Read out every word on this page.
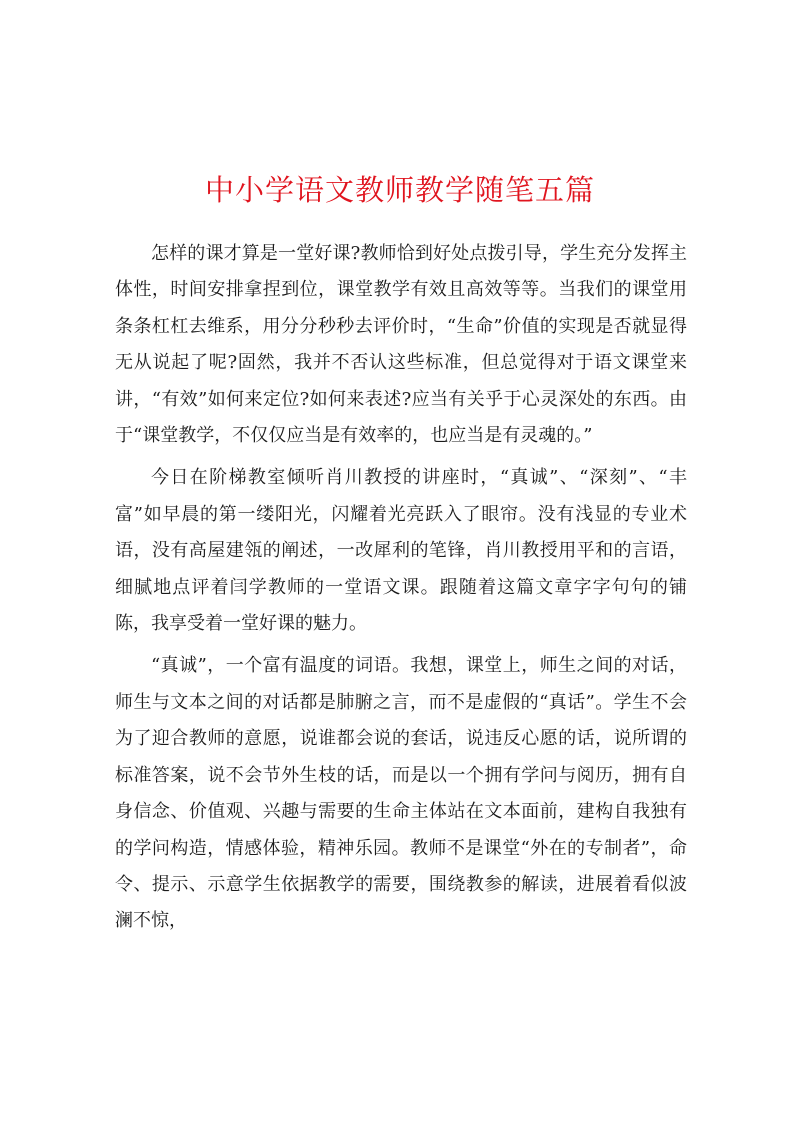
中小学语文教师教学随笔五篇

怎样的课才算是一堂好课?教师恰到好处点拨引导，学生充分发挥主体性，时间安排拿捏到位，课堂教学有效且高效等等。当我们的课堂用条条杠杠去维系，用分分秒秒去评价时，“生命”价值的实现是否就显得无从说起了呢?固然，我并不否认这些标准，但总觉得对于语文课堂来讲，“有效”如何来定位?如何来表述?应当有关乎于心灵深处的东西。由于“课堂教学，不仅仅应当是有效率的，也应当是有灵魂的。”

今日在阶梯教室倾听肖川教授的讲座时，“真诚”、“深刻”、“丰富”如早晨的第一缕阳光，闪耀着光亮跃入了眼帘。没有浅显的专业术语，没有高屋建瓴的阐述，一改犀利的笔锋，肖川教授用平和的言语，细腻地点评着闫学教师的一堂语文课。跟随着这篇文章字字句句的铺陈，我享受着一堂好课的魅力。

“真诚”，一个富有温度的词语。我想，课堂上，师生之间的对话，师生与文本之间的对话都是肺腑之言，而不是虚假的“真话”。学生不会为了迎合教师的意愿，说谁都会说的套话，说违反心愿的话，说所谓的标准答案，说不会节外生枝的话，而是以一个拥有学问与阅历，拥有自身信念、价值观、兴趣与需要的生命主体站在文本面前，建构自我独有的学问构造，情感体验，精神乐园。教师不是课堂“外在的专制者”，命令、提示、示意学生依据教学的需要，围绕教参的解读，进展着看似波澜不惊，
